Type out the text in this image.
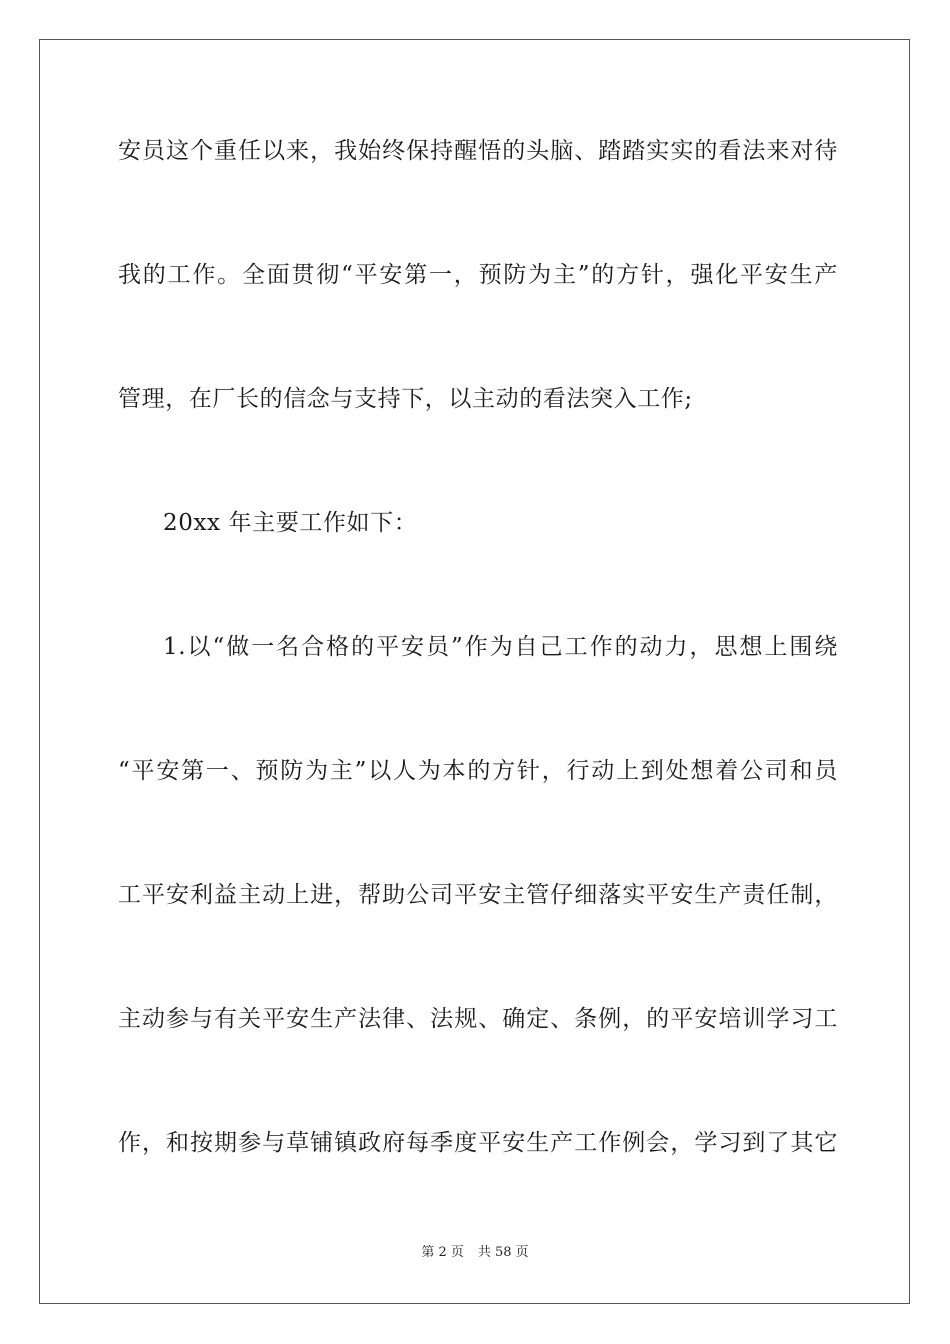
安员这个重任以来，我始终保持醒悟的头脑、踏踏实实的看法来对待
我的工作。全面贯彻“平安第一，预防为主”的方针，强化平安生产
管理，在厂长的信念与支持下，以主动的看法突入工作;
20xx 年主要工作如下：
1.以“做一名合格的平安员”作为自己工作的动力，思想上围绕
“平安第一、预防为主”以人为本的方针，行动上到处想着公司和员
工平安利益主动上进，帮助公司平安主管仔细落实平安生产责任制，
主动参与有关平安生产法律、法规、确定、条例，的平安培训学习工
作，和按期参与草铺镇政府每季度平安生产工作例会，学习到了其它
第 2 页 共 58 页
